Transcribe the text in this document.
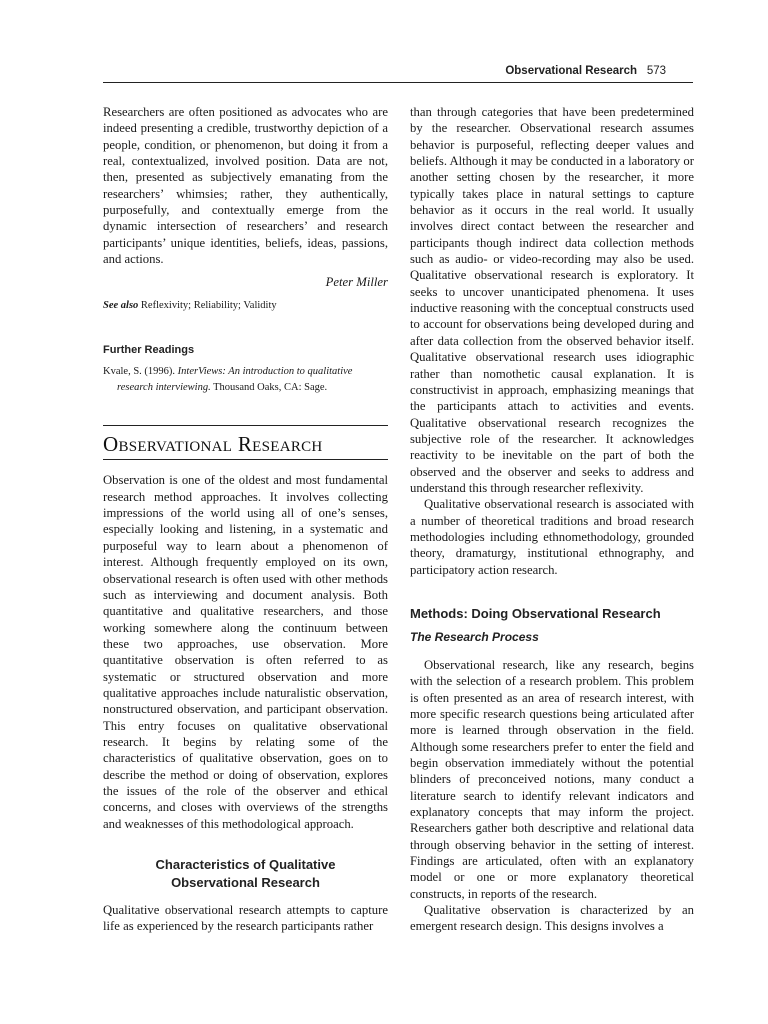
Observational Research 573

Researchers are often positioned as advocates who are indeed presenting a credible, trustworthy depiction of a people, condition, or phenomenon, but doing it from a real, contextualized, involved position. Data are not, then, presented as subjectively emanating from the researchers’ whimsies; rather, they authentically, purposefully, and contextually emerge from the dynamic intersection of researchers’ and research participants’ unique identities, beliefs, ideas, passions, and actions.

Peter Miller

See also Reflexivity; Reliability; Validity

Further Readings

Kvale, S. (1996). InterViews: An introduction to qualitative research interviewing. Thousand Oaks, CA: Sage.

Observational Research

Observation is one of the oldest and most fundamental research method approaches. It involves collecting impressions of the world using all of one’s senses, especially looking and listening, in a systematic and purposeful way to learn about a phenomenon of interest. Although frequently employed on its own, observational research is often used with other methods such as interviewing and document analysis. Both quantitative and qualitative researchers, and those working somewhere along the continuum between these two approaches, use observation. More quantitative observation is often referred to as systematic or structured observation and more qualitative approaches include naturalistic observation, nonstructured observation, and participant observation. This entry focuses on qualitative observational research. It begins by relating some of the characteristics of qualitative observation, goes on to describe the method or doing of observation, explores the issues of the role of the observer and ethical concerns, and closes with overviews of the strengths and weaknesses of this methodological approach.

Characteristics of Qualitative
Observational Research

Qualitative observational research attempts to capture life as experienced by the research participants rather

than through categories that have been predetermined by the researcher. Observational research assumes behavior is purposeful, reflecting deeper values and beliefs. Although it may be conducted in a laboratory or another setting chosen by the researcher, it more typically takes place in natural settings to capture behavior as it occurs in the real world. It usually involves direct contact between the researcher and participants though indirect data collection methods such as audio- or video-recording may also be used. Qualitative observational research is exploratory. It seeks to uncover unanticipated phenomena. It uses inductive reasoning with the conceptual constructs used to account for observations being developed during and after data collection from the observed behavior itself. Qualitative observational research uses idiographic rather than nomothetic causal explanation. It is constructivist in approach, emphasizing meanings that the participants attach to activities and events. Qualitative observational research recognizes the subjective role of the researcher. It acknowledges reactivity to be inevitable on the part of both the observed and the observer and seeks to address and understand this through researcher reflexivity.

Qualitative observational research is associated with a number of theoretical traditions and broad research methodologies including ethnomethodology, grounded theory, dramaturgy, institutional ethnography, and participatory action research.

Methods: Doing Observational Research
The Research Process

Observational research, like any research, begins with the selection of a research problem. This problem is often presented as an area of research interest, with more specific research questions being articulated after more is learned through observation in the field. Although some researchers prefer to enter the field and begin observation immediately without the potential blinders of preconceived notions, many conduct a literature search to identify relevant indicators and explanatory concepts that may inform the project. Researchers gather both descriptive and relational data through observing behavior in the setting of interest. Findings are articulated, often with an explanatory model or one or more explanatory theoretical constructs, in reports of the research.

Qualitative observation is characterized by an emergent research design. This designs involves a
